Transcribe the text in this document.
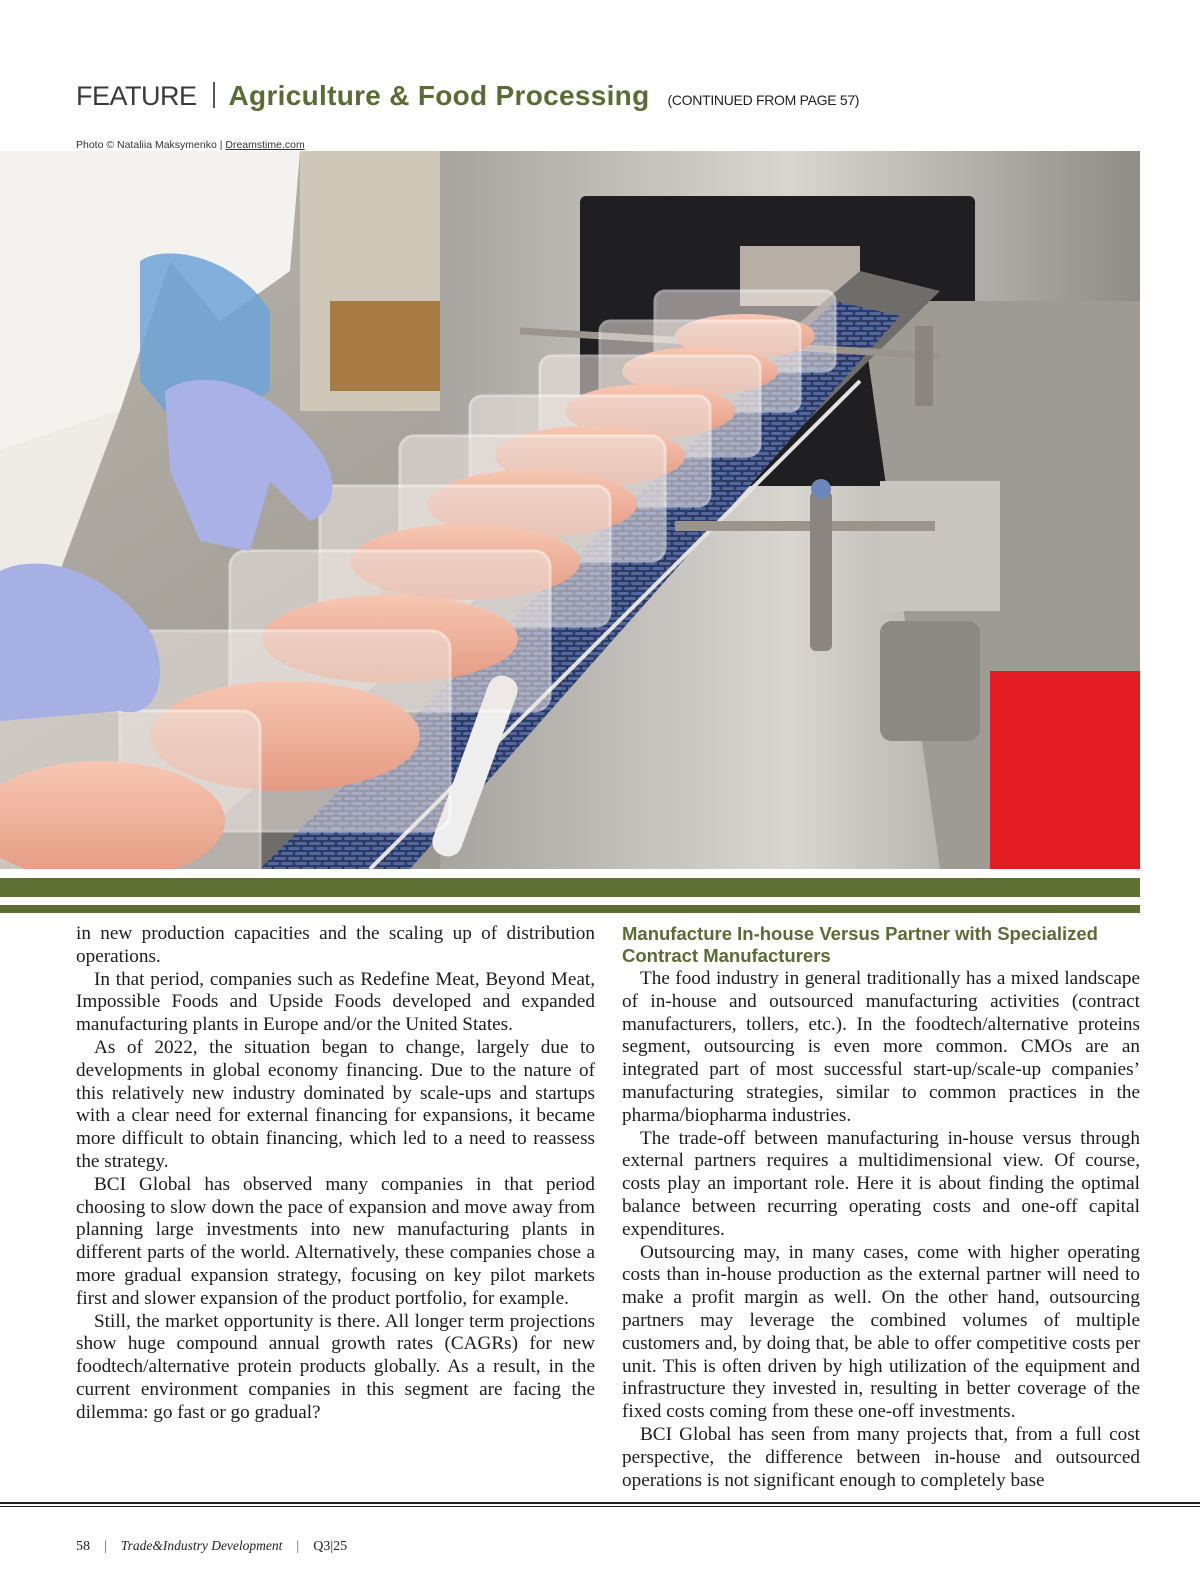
FEATURE Agriculture & Food Processing (CONTINUED FROM PAGE 57)
Photo © Nataliia Maksymenko | Dreamstime.com

in new production capacities and the scaling up of distribution operations.

In that period, companies such as Redefine Meat, Beyond Meat, Impossible Foods and Upside Foods developed and expanded manufacturing plants in Europe and/or the United States.

As of 2022, the situation began to change, largely due to developments in global economy financing. Due to the nature of this relatively new industry dominated by scale-ups and startups with a clear need for external financing for expansions, it became more difficult to obtain financing, which led to a need to reassess the strategy.

BCI Global has observed many companies in that period choosing to slow down the pace of expansion and move away from planning large investments into new manufacturing plants in different parts of the world. Alternatively, these companies chose a more gradual expansion strategy, focusing on key pilot markets first and slower expansion of the product portfolio, for example.

Still, the market opportunity is there. All longer term projections show huge compound annual growth rates (CAGRs) for new foodtech/alternative protein products globally. As a result, in the current environment companies in this segment are facing the dilemma: go fast or go gradual?

Manufacture In-house Versus Partner with Specialized Contract Manufacturers

The food industry in general traditionally has a mixed landscape of in-house and outsourced manufacturing activities (contract manufacturers, tollers, etc.). In the foodtech/alternative proteins segment, outsourcing is even more common. CMOs are an integrated part of most successful start-up/scale-up companies’ manufacturing strategies, similar to common practices in the pharma/biopharma industries.

The trade-off between manufacturing in-house versus through external partners requires a multidimensional view. Of course, costs play an important role. Here it is about finding the optimal balance between recurring operating costs and one-off capital expenditures.

Outsourcing may, in many cases, come with higher operating costs than in-house production as the external partner will need to make a profit margin as well. On the other hand, outsourcing partners may leverage the combined volumes of multiple customers and, by doing that, be able to offer competitive costs per unit. This is often driven by high utilization of the equipment and infrastructure they invested in, resulting in better coverage of the fixed costs coming from these one-off investments.

BCI Global has seen from many projects that, from a full cost perspective, the difference between in-house and outsourced operations is not significant enough to completely base

58 | Trade&Industry Development | Q3|25
